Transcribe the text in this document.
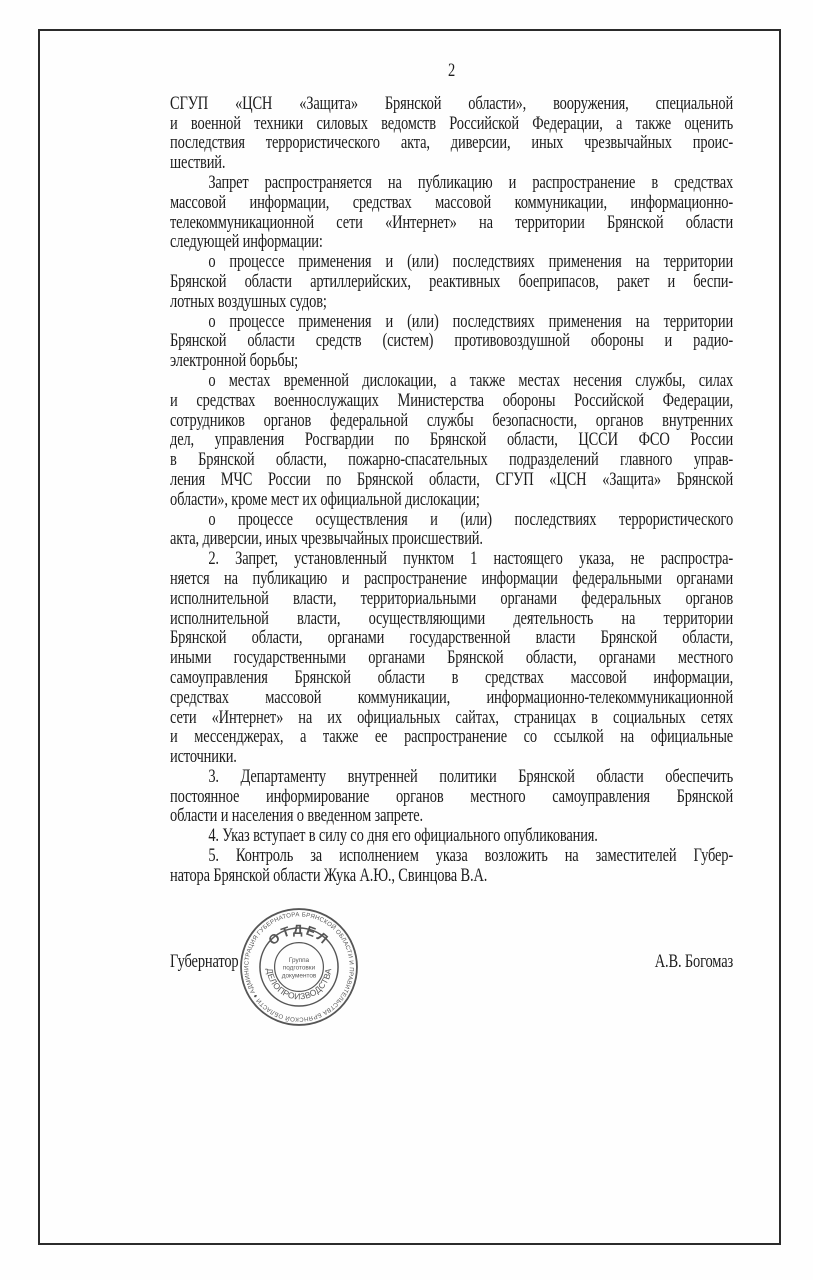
2
СГУП «ЦСН «Защита» Брянской области», вооружения, специальной
и военной техники силовых ведомств Российской Федерации, а также оценить
последствия террористического акта, диверсии, иных чрезвычайных проис-
шествий.
Запрет распространяется на публикацию и распространение в средствах
массовой информации, средствах массовой коммуникации, информационно-
телекоммуникационной сети «Интернет» на территории Брянской области
следующей информации:
о процессе применения и (или) последствиях применения на территории
Брянской области артиллерийских, реактивных боеприпасов, ракет и беспи-
лотных воздушных судов;
о процессе применения и (или) последствиях применения на территории
Брянской области средств (систем) противовоздушной обороны и радио-
электронной борьбы;
о местах временной дислокации, а также местах несения службы, силах
и средствах военнослужащих Министерства обороны Российской Федерации,
сотрудников органов федеральной службы безопасности, органов внутренних
дел, управления Росгвардии по Брянской области, ЦССИ ФСО России
в Брянской области, пожарно-спасательных подразделений главного управ-
ления МЧС России по Брянской области, СГУП «ЦСН «Защита» Брянской
области», кроме мест их официальной дислокации;
о процессе осуществления и (или) последствиях террористического
акта, диверсии, иных чрезвычайных происшествий.
2. Запрет, установленный пунктом 1 настоящего указа, не распростра-
няется на публикацию и распространение информации федеральными органами
исполнительной власти, территориальными органами федеральных органов
исполнительной власти, осуществляющими деятельность на территории
Брянской области, органами государственной власти Брянской области,
иными государственными органами Брянской области, органами местного
самоуправления Брянской области в средствах массовой информации,
средствах массовой коммуникации, информационно-телекоммуникационной
сети «Интернет» на их официальных сайтах, страницах в социальных сетях
и мессенджерах, а также ее распространение со ссылкой на официальные
источники.
3. Департаменту внутренней политики Брянской области обеспечить
постоянное информирование органов местного самоуправления Брянской
области и населения о введенном запрете.
4. Указ вступает в силу со дня его официального опубликования.
5. Контроль за исполнением указа возложить на заместителей Губер-
натора Брянской области Жука А.Ю., Свинцова В.А.
Губернатор	А.В. Богомаз
АДМИНИСТРАЦИЯ ГУБЕРНАТОРА БРЯНСКОЙ ОБЛАСТИ И ПРАВИТЕЛЬСТВА БРЯНСКОЙ ОБЛАСТИ ♦
ОТДЕЛ
ДЕЛОПРОИЗВОДСТВА
Группа
подготовки
документов
